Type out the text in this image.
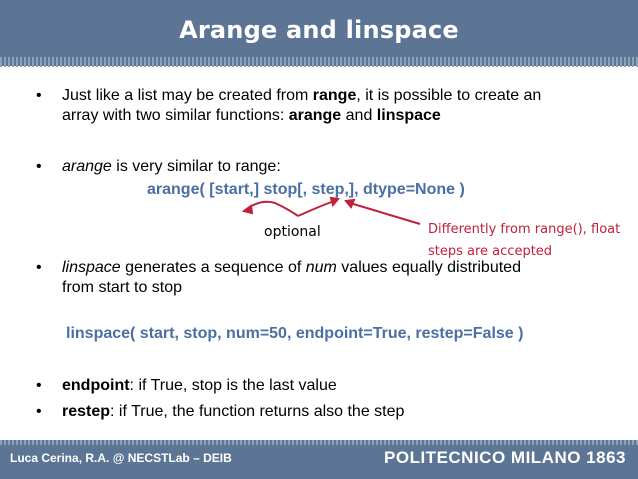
Arange and linspace
• Just like a list may be created from range, it is possible to create an
array with two similar functions: arange and linspace
• arange is very similar to range:
arange( [start,] stop[, step,], dtype=None )
optional	Differently from range(), float
steps are accepted
• linspace generates a sequence of num values equally distributed
from start to stop
linspace( start, stop, num=50, endpoint=True, restep=False )
• endpoint: if True, stop is the last value
• restep: if True, the function returns also the step
Luca Cerina, R.A. @ NECSTLab – DEIB	POLITECNICO MILANO 1863
